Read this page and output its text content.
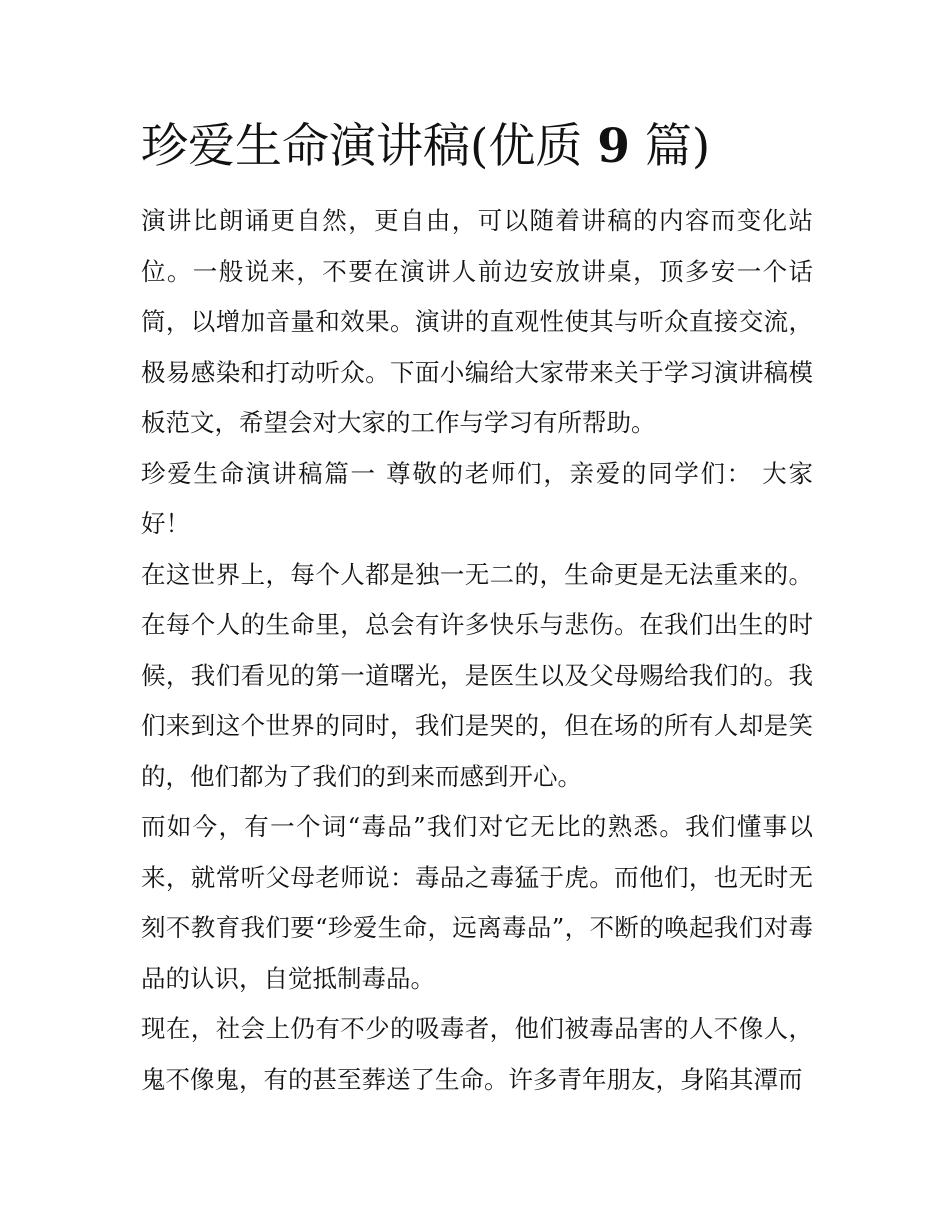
珍爱生命演讲稿(优质 9 篇)

演讲比朗诵更自然，更自由，可以随着讲稿的内容而变化站位。一般说来，不要在演讲人前边安放讲桌，顶多安一个话筒，以增加音量和效果。演讲的直观性使其与听众直接交流，极易感染和打动听众。下面小编给大家带来关于学习演讲稿模板范文，希望会对大家的工作与学习有所帮助。

珍爱生命演讲稿篇一 尊敬的老师们，亲爱的同学们： 大家好！

在这世界上，每个人都是独一无二的，生命更是无法重来的。在每个人的生命里，总会有许多快乐与悲伤。在我们出生的时候，我们看见的第一道曙光，是医生以及父母赐给我们的。我们来到这个世界的同时，我们是哭的，但在场的所有人却是笑的，他们都为了我们的到来而感到开心。

而如今，有一个词“毒品”我们对它无比的熟悉。我们懂事以来，就常听父母老师说：毒品之毒猛于虎。而他们，也无时无刻不教育我们要“珍爱生命，远离毒品”，不断的唤起我们对毒品的认识，自觉抵制毒品。

现在，社会上仍有不少的吸毒者，他们被毒品害的人不像人，鬼不像鬼，有的甚至葬送了生命。许多青年朋友，身陷其潭而
